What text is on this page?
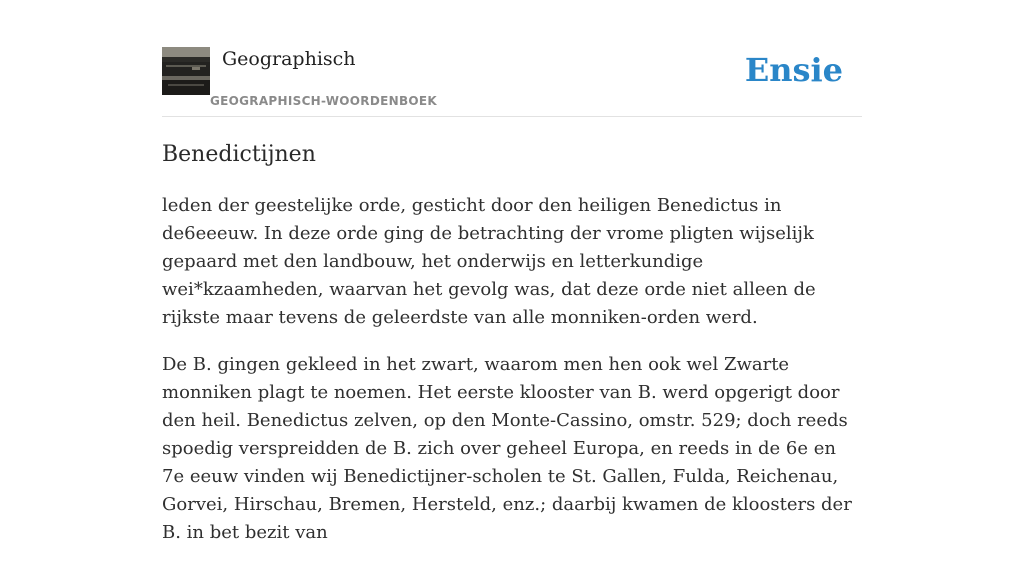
Geographisch
GEOGRAPHISCH-WOORDENBOEK
Ensie
Benedictijnen

leden der geestelijke orde, gesticht door den heiligen Benedictus in de6eeeuw. In deze orde ging de betrachting der vrome pligten wijselijk gepaard met den landbouw, het onderwijs en letterkundige wei*kzaamheden, waarvan het gevolg was, dat deze orde niet alleen de rijkste maar tevens de geleerdste van alle monniken-orden werd.

De B. gingen gekleed in het zwart, waarom men hen ook wel Zwarte monniken plagt te noemen. Het eerste klooster van B. werd opgerigt door den heil. Benedictus zelven, op den Monte-Cassino, omstr. 529; doch reeds spoedig verspreidden de B. zich over geheel Europa, en reeds in de 6e en 7e eeuw vinden wij Benedictijner-scholen te St. Gallen, Fulda, Reichenau, Gorvei, Hirschau, Bremen, Hersteld, enz.; daarbij kwamen de kloosters der B. in bet bezit van
